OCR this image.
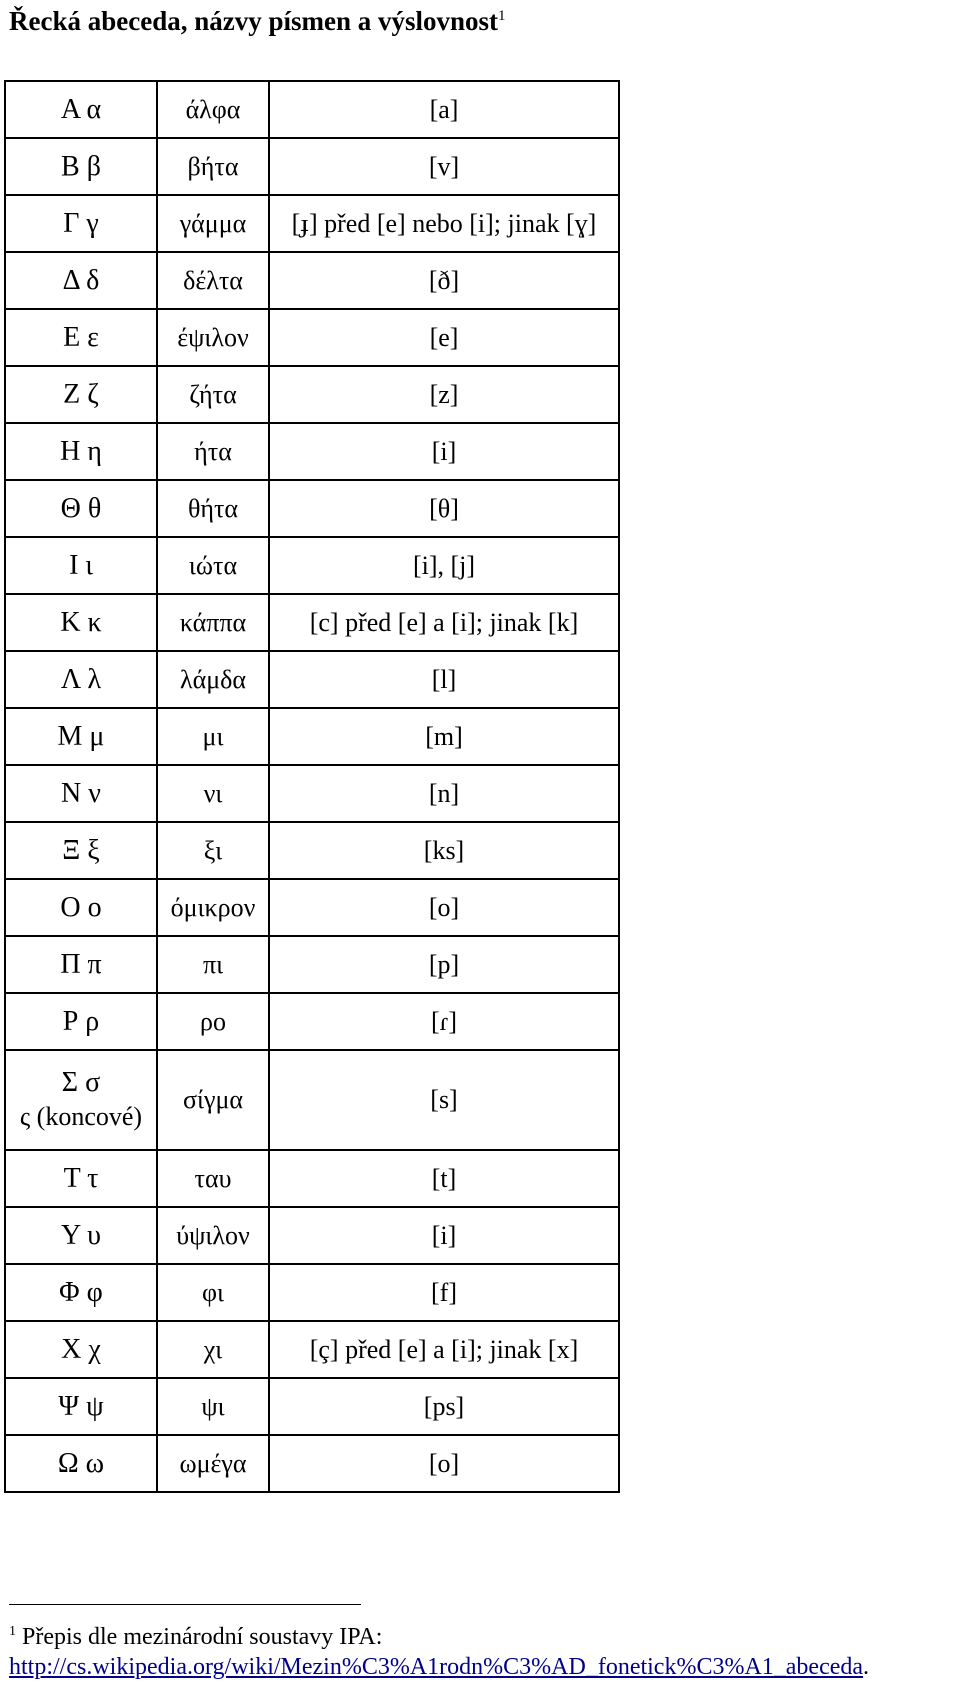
Řecká abeceda, názvy písmen a výslovnost$^1$
Α α	άλφα	[a]

Β β	βήτα	[v]

Γ γ	γάμμα	[ɟ] před [e] nebo [i]; jinak [ɣ]

Δ δ	δέλτα	[ð]

Ε ε	έψιλον	[e]

Ζ ζ	ζήτα	[z]

Η η	ήτα	[i]

Θ θ	θήτα	[θ]

Ι ι	ιώτα	[i], [j]

Κ κ	κάππα	[c] před [e] a [i]; jinak [k]

Λ λ	λάμδα	[l]

Μ μ	μι	[m]

Ν ν	νι	[n]

Ξ ξ	ξι	[ks]

Ο ο	όμικρον	[o]

Π π	πι	[p]

Ρ ρ	ρο	[ɾ]

Σ σ
ς (koncové)	σίγμα	[s]

Τ τ	ταυ	[t]

Υ υ	ύψιλον	[i]

Φ φ	φι	[f]

Χ χ	χι	[ç] před [e] a [i]; jinak [x]

Ψ ψ	ψι	[ps]

Ω ω	ωμέγα	[o]
$^1$ Přepis dle mezinárodní soustavy IPA:
http://cs.wikipedia.org/wiki/Mezin%C3%A1rodn%C3%AD_fonetick%C3%A1_abeceda.
